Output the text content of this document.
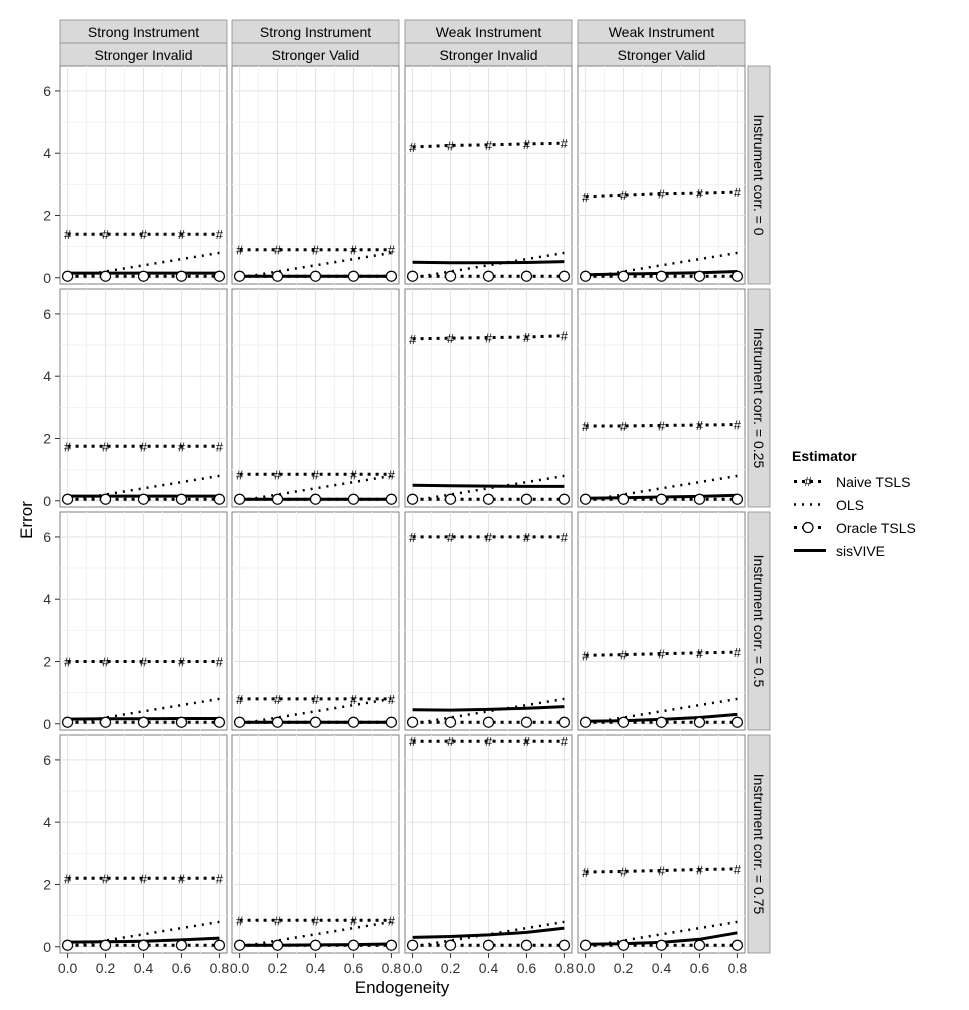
Strong Instrument
Stronger Invalid
Strong Instrument
Stronger Valid
Weak Instrument
Stronger Invalid
Weak Instrument
Stronger Valid
Instrument corr. = 0
Instrument corr. = 0.25
Instrument corr. = 0.5
Instrument corr. = 0.75
# # # # #
# # # # #
# # # # #
# # # # #
0
2
4
6
# # # # #
# # # # #
# # # # #
# # # # #
0
2
4
6
# # # # #
# # # # #
# # # # #
# # # # #
0
2
4
6
# # # # #
# # # # #
# # # # #
# # # # #
0
2
4
6
0.0 0.2 0.4 0.6 0.8 0.0 0.2 0.4 0.6 0.8 0.0 0.2 0.4 0.6 0.8 0.0 0.2 0.4 0.6 0.8
Endogeneity
Error
Estimator
# Naive TSLS
OLS
Oracle TSLS
sisVIVE
